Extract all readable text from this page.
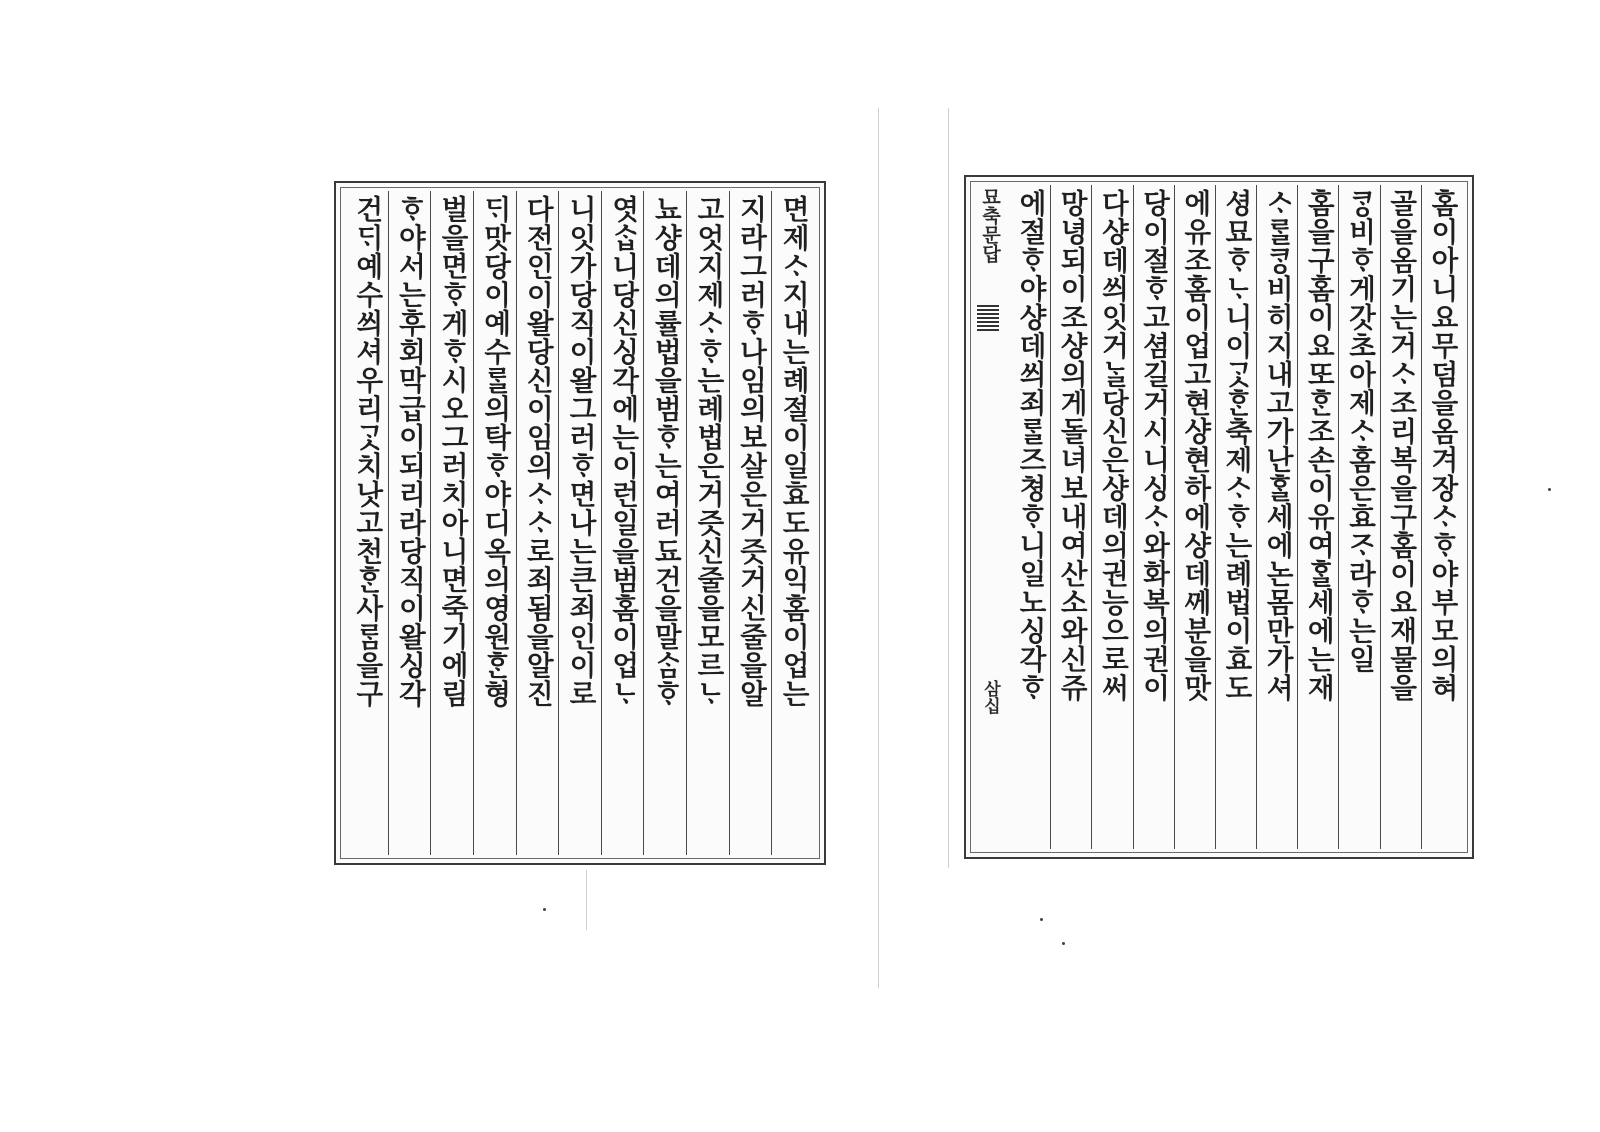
면제ᄉᆞ지내는례절이일효도유익홈이업는
지라그러ᄒᆞ나임의보살은거즛거신줄을알
고엇지제ᄉᆞᄒᆞ는례법은거즛신줄을모르ᄂᆞ
뇨샹데의률법을범ᄒᆞ는여러됴건을말ᄉᆞᆷᄒᆞ
엿ᄉᆞᆸ니당신싱각에는이런일을범홈이업ᄂᆞ
니잇가당직이왈그러ᄒᆞ면나는큰죄인이로
다전인이왈당신이임의ᄉᆞᄉᆞ로죄됨을알진
ᄃᆡ맛당이예수ᄅᆞᆯ의탁ᄒᆞ야디옥의영원ᄒᆞᆫ형
벌을면ᄒᆞ게ᄒᆞ시오그러치아니면죽기에림
ᄒᆞ야서는후회막급이되리라당직이왈싱각
건ᄃᆡ예수씌셔우리ᄀᆞᆺ치낫고천ᄒᆞᆫ사ᄅᆞᆷ을구	홈이아니요무덤을옴겨장ᄉᆞᄒᆞ야부모의혀
골을옴기는거ᄉᆞ조리복을구홈이요재물을
ᄏᆞᆼ비ᄒᆞ게갓초아제ᄉᆞ홈은효ᄌᆞ라ᄒᆞ는일
홈을구홈이요또ᄒᆞᆫ조손이유여ᄒᆞᆯ세에는재
ᄉᆞᄅᆞᆯᄏᆞᆼ비히지내고가난ᄒᆞᆯ세에논몸만가셔
셩묘ᄒᆞᄂᆞ니이ᄀᆞᆺᄒᆞᆫ축제ᄉᆞᄒᆞ는례법이효도
에유조홈이업고현샹현하에샹데ᄭᅦ분을맛
당이절ᄒᆞ고셤길거시니싱ᄉᆞ와화복의권이
다샹데씌잇거ᄂᆞᆯ당신은샹데의권능으로써
망녕되이조샹의게돌녀보내여산소와신쥬
에절ᄒᆞ야샹데씌죄ᄅᆞᆯ즈쳥ᄒᆞ니일노싱각ᄒᆞ
묘축문답
삼십
